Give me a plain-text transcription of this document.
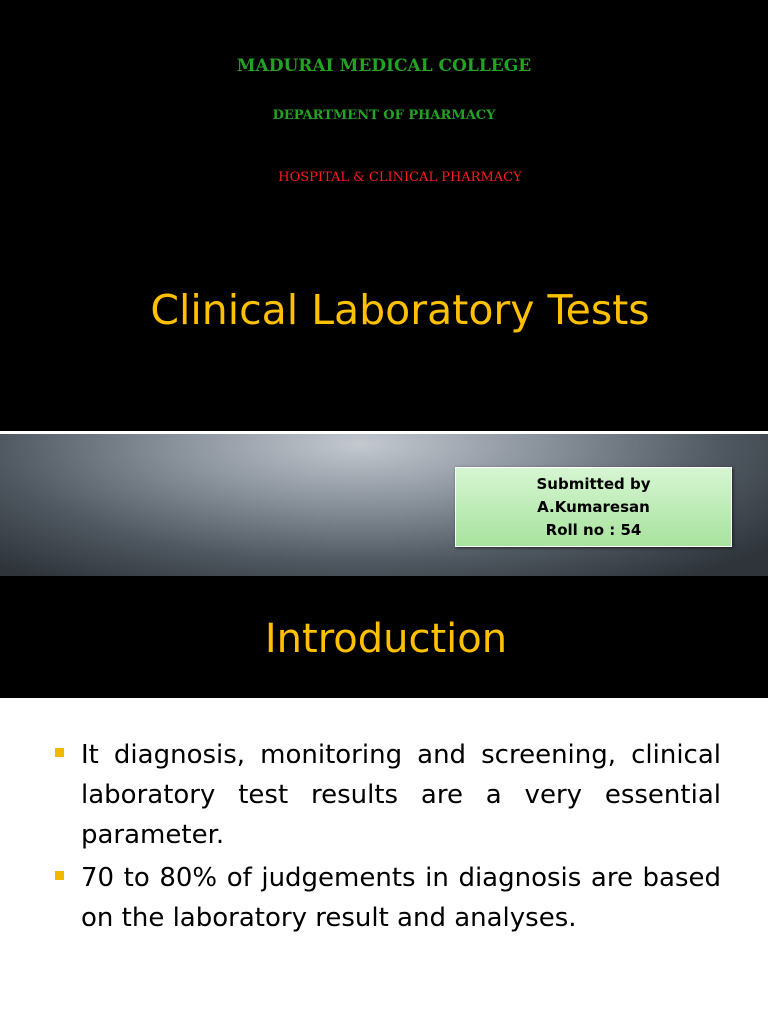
MADURAI MEDICAL COLLEGE
DEPARTMENT OF PHARMACY
HOSPITAL & CLINICAL PHARMACY
Clinical Laboratory Tests
Submitted by
A.Kumaresan
Roll no : 54
Introduction
It diagnosis, monitoring and screening, clinical laboratory test results are a very essential parameter.
70 to 80% of judgements in diagnosis are based on the laboratory result and analyses.
